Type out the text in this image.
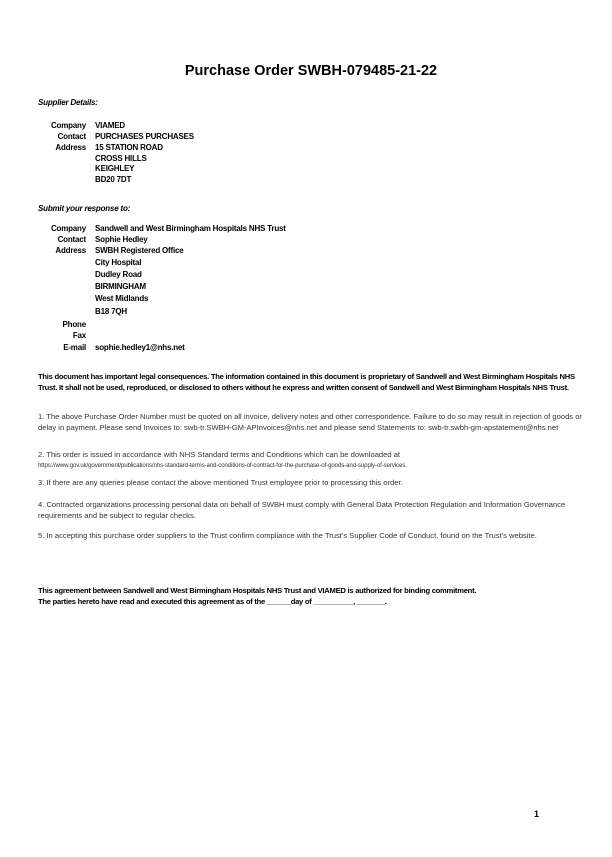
Purchase Order SWBH-079485-21-22
Supplier Details:
Company VIAMED
Contact PURCHASES PURCHASES
Address 15 STATION ROAD
CROSS HILLS
KEIGHLEY
BD20 7DT
Submit your response to:
Company Sandwell and West Birmingham Hospitals NHS Trust
Contact Sophie Hedley
Address SWBH Registered Office
City Hospital
Dudley Road
BIRMINGHAM
West Midlands
B18 7QH
Phone
Fax
E-mail sophie.hedley1@nhs.net
This document has important legal consequences. The information contained in this document is proprietary of Sandwell and West Birmingham Hospitals NHS Trust. It shall not be used, reproduced, or disclosed to others without he express and written consent of Sandwell and West Birmingham Hospitals NHS Trust.
1. The above Purchase Order Number must be quoted on all invoice, delivery notes and other correspondence. Failure to do so may result in rejection of goods or delay in payment. Please send Invoices to: swb-tr.SWBH-GM-APInvoices@nhs.net and please send Statements to: swb-tr.swbh-gm-apstatement@nhs.net
2. This order is issued in accordance with NHS Standard terms and Conditions which can be downloaded at
https://www.gov.uk/government/publications/nhs-standard-terms-and-conditions-of-contract-for-the-purchase-of-goods-and-supply-of-services.
3. If there are any queries please contact the above mentioned Trust employee prior to processing this order.
4. Contracted organizations processing personal data on behalf of SWBH must comply with General Data Protection Regulation and Information Governance requirements and be subject to regular checks.
5. In accepting this purchase order suppliers to the Trust confirm compliance with the Trust's Supplier Code of Conduct, found on the Trust's website.
This agreement between Sandwell and West Birmingham Hospitals NHS Trust and VIAMED is authorized for binding commitment.
The parties hereto have read and executed this agreement as of the ______day of __________, _______.
1
